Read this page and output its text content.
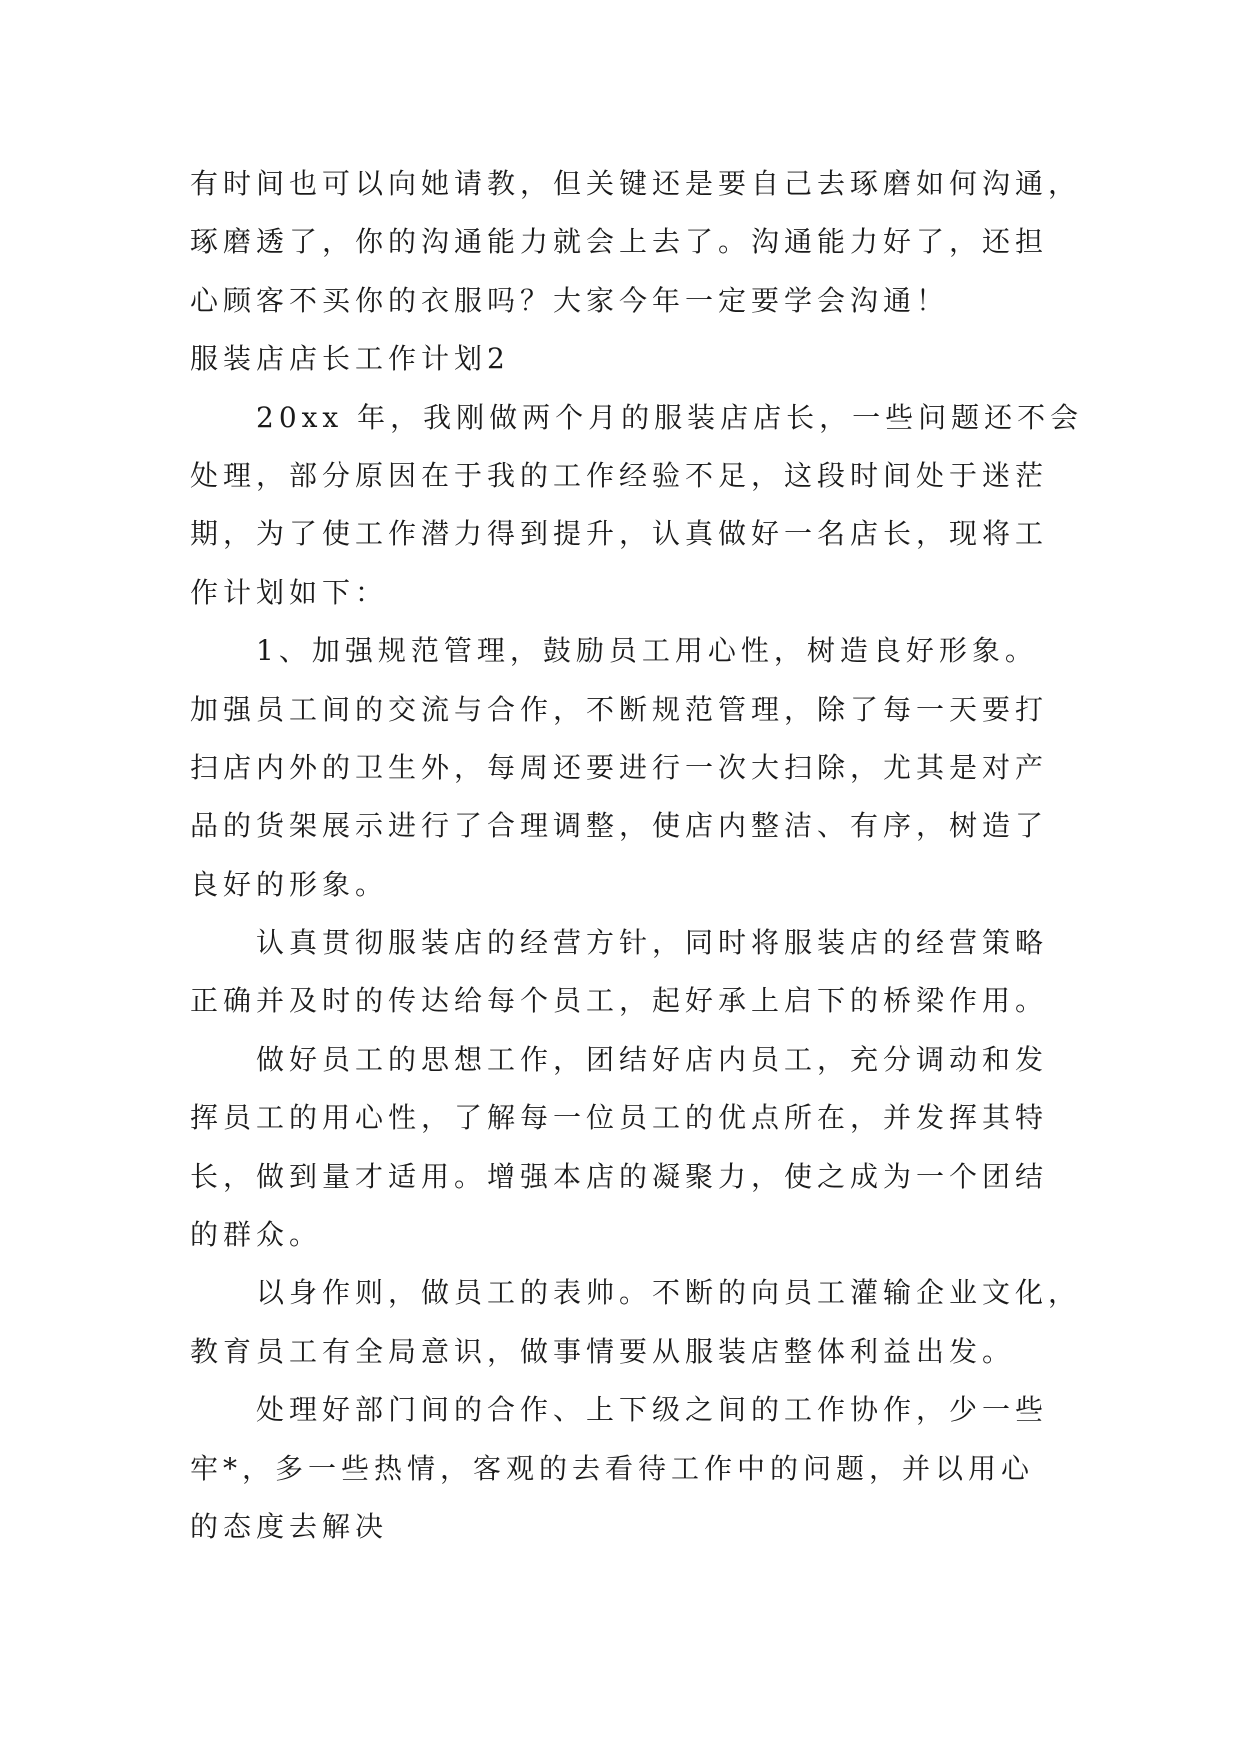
有时间也可以向她请教，但关键还是要自己去琢磨如何沟通，
琢磨透了，你的沟通能力就会上去了。沟通能力好了，还担
心顾客不买你的衣服吗？大家今年一定要学会沟通！
服装店店长工作计划2
20xx 年，我刚做两个月的服装店店长，一些问题还不会
处理，部分原因在于我的工作经验不足，这段时间处于迷茫
期，为了使工作潜力得到提升，认真做好一名店长，现将工
作计划如下：
1、加强规范管理，鼓励员工用心性，树造良好形象。
加强员工间的交流与合作，不断规范管理，除了每一天要打
扫店内外的卫生外，每周还要进行一次大扫除，尤其是对产
品的货架展示进行了合理调整，使店内整洁、有序，树造了
良好的形象。
认真贯彻服装店的经营方针，同时将服装店的经营策略
正确并及时的传达给每个员工，起好承上启下的桥梁作用。
做好员工的思想工作，团结好店内员工，充分调动和发
挥员工的用心性，了解每一位员工的优点所在，并发挥其特
长，做到量才适用。增强本店的凝聚力，使之成为一个团结
的群众。
以身作则，做员工的表帅。不断的向员工灌输企业文化，
教育员工有全局意识，做事情要从服装店整体利益出发。
处理好部门间的合作、上下级之间的工作协作，少一些
牢*，多一些热情，客观的去看待工作中的问题，并以用心
的态度去解决
